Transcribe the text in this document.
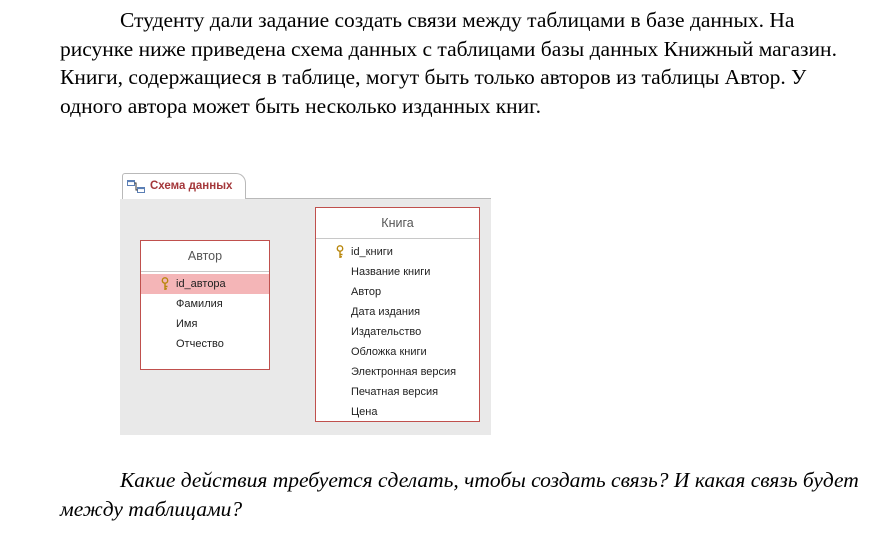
Студенту дали задание создать связи между таблицами в базе данных. На рисунке ниже приведена схема данных с таблицами базы данных Книжный магазин. Книги, содержащиеся в таблице, могут быть только авторов из таблицы Автор. У одного автора может быть несколько изданных книг.
Схема данных
Автор
id_автора
Фамилия
Имя
Отчество
Книга
id_книги
Название книги
Автор
Дата издания
Издательство
Обложка книги
Электронная версия
Печатная версия
Цена
Какие действия требуется сделать, чтобы создать связь? И какая связь будет между таблицами?
